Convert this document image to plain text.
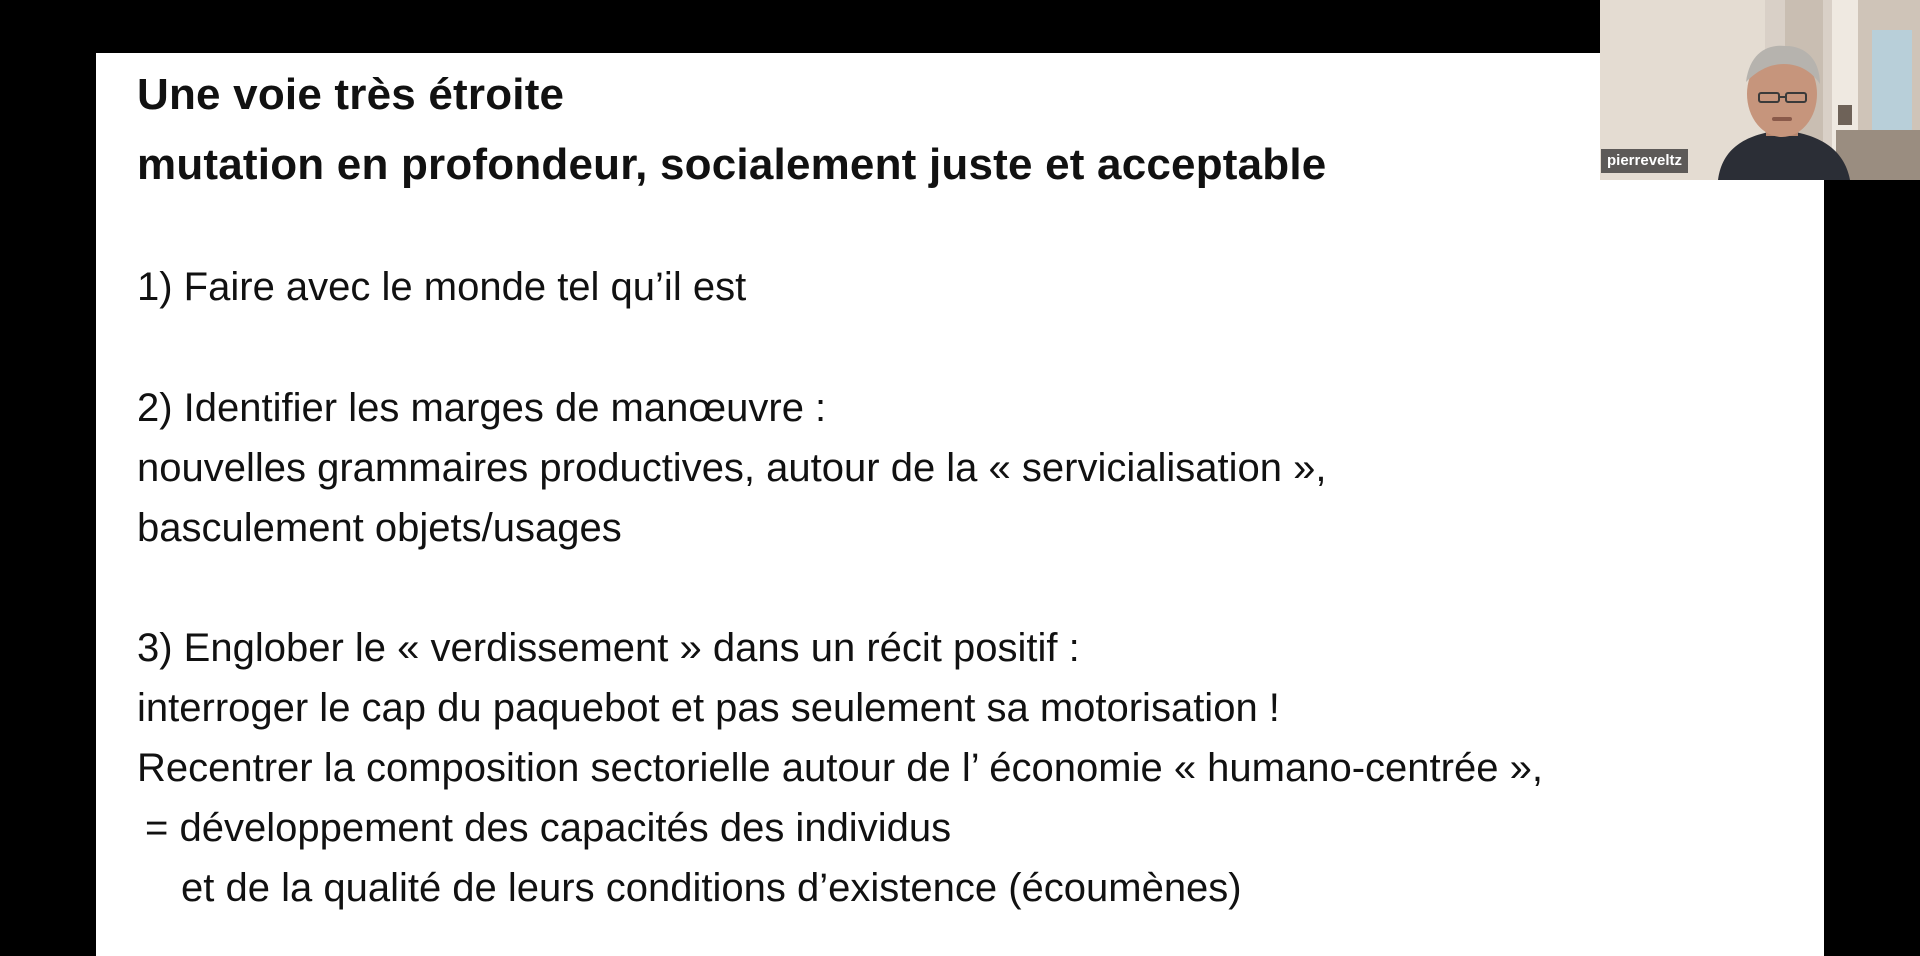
Une voie très étroite
mutation en profondeur, socialement juste et acceptable

1) Faire avec le monde tel qu’il est

2) Identifier les marges de manœuvre :

nouvelles grammaires productives, autour de la « servicialisation »,

basculement objets/usages

3) Englober le « verdissement » dans un récit positif :

interroger le cap du paquebot et pas seulement sa motorisation !

Recentrer la composition sectorielle autour de l’ économie « humano-centrée »,

= développement des capacités des individus

et de la qualité de leurs conditions d’existence (écoumènes)

pierreveltz
